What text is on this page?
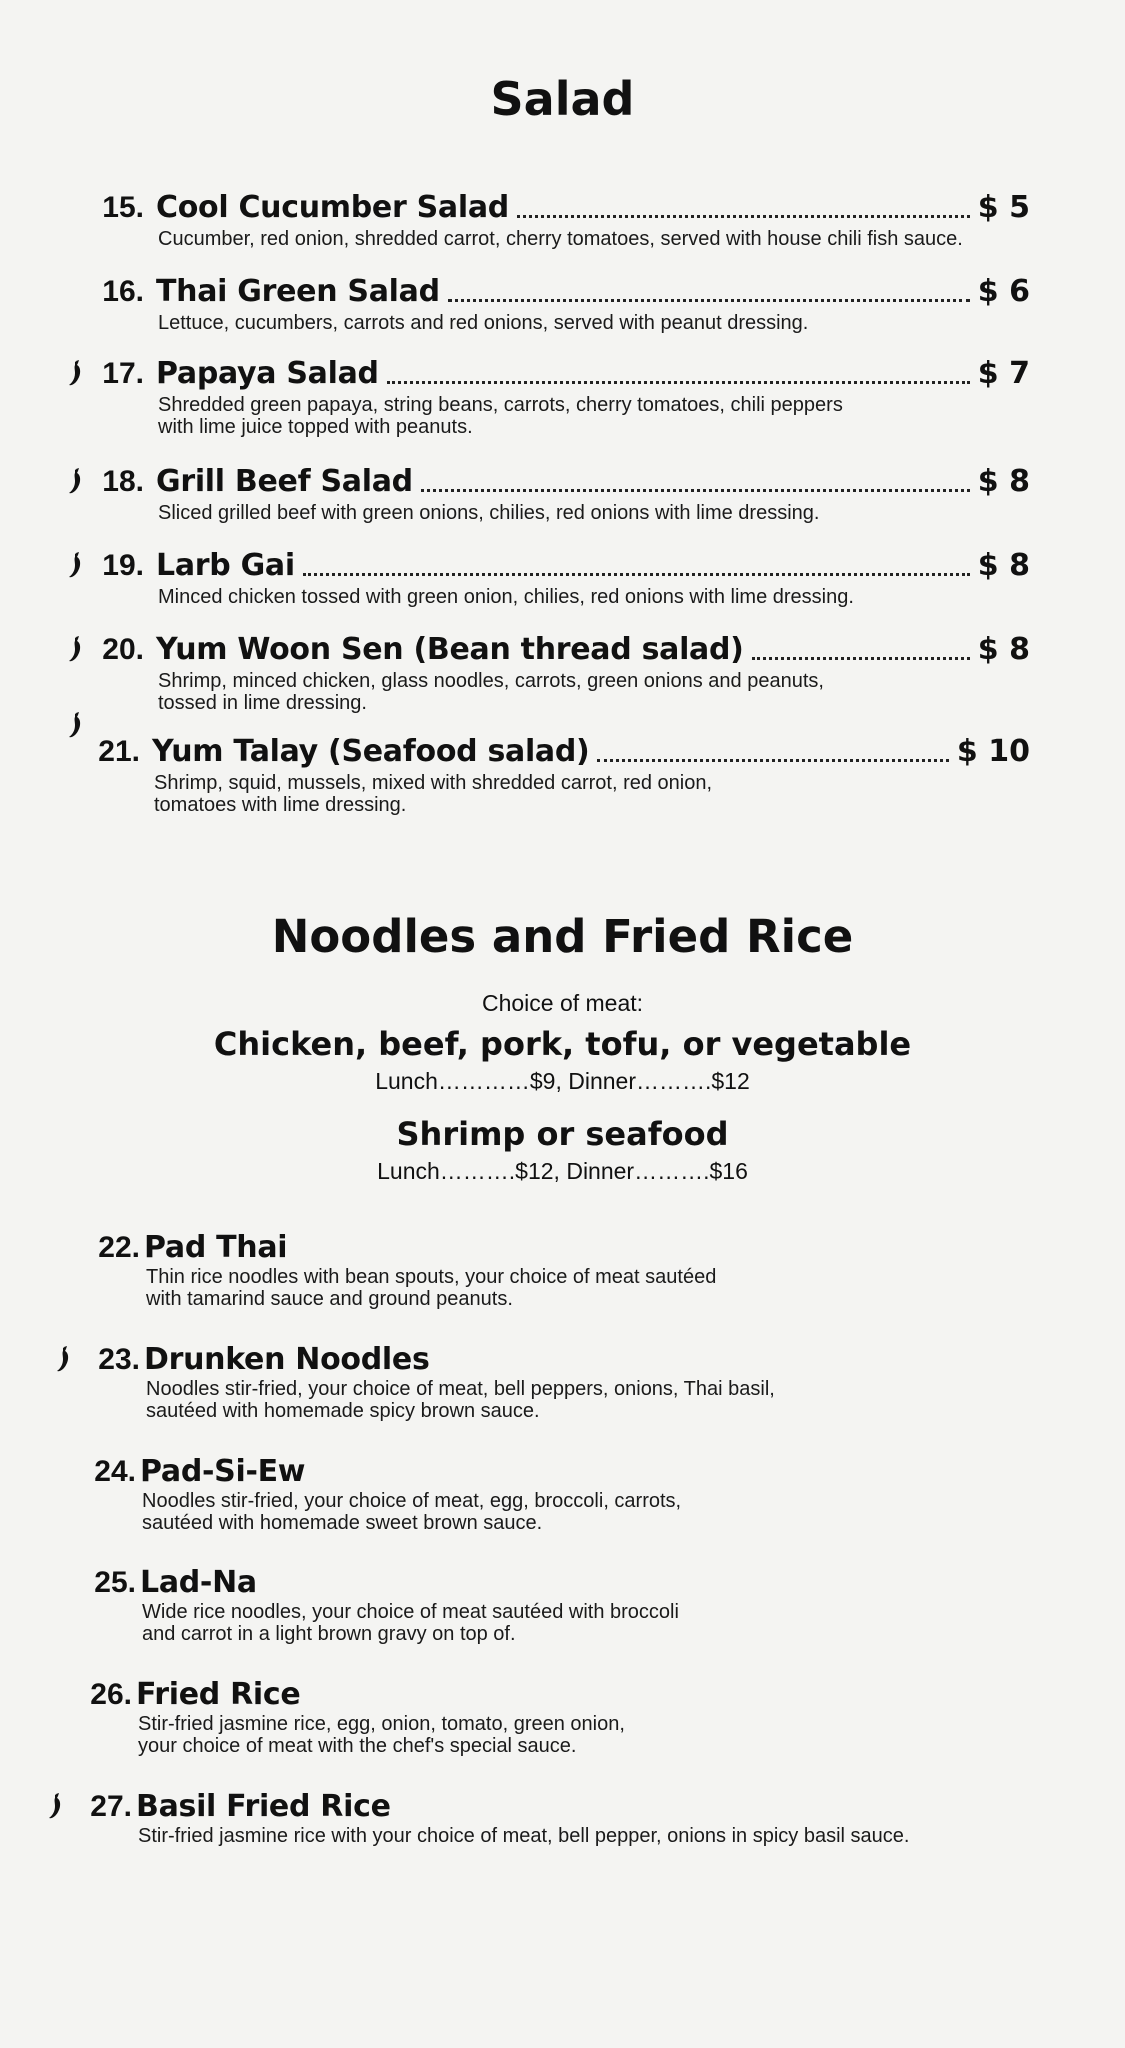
Salad
15. Cool Cucumber Salad	$ 5
Cucumber, red onion, shredded carrot, cherry tomatoes, served with house chili fish sauce.
16. Thai Green Salad	$ 6
Lettuce, cucumbers, carrots and red onions, served with peanut dressing.
17. Papaya Salad	$ 7
Shredded green papaya, string beans, carrots, cherry tomatoes, chili peppers
with lime juice topped with peanuts.
18. Grill Beef Salad	$ 8
Sliced grilled beef with green onions, chilies, red onions with lime dressing.
19. Larb Gai	$ 8
Minced chicken tossed with green onion, chilies, red onions with lime dressing.
20. Yum Woon Sen (Bean thread salad)	$ 8
Shrimp, minced chicken, glass noodles, carrots, green onions and peanuts,
tossed in lime dressing.
21. Yum Talay (Seafood salad)	$ 10
Shrimp, squid, mussels, mixed with shredded carrot, red onion,
tomatoes with lime dressing.
Noodles and Fried Rice

Choice of meat:

Chicken, beef, pork, tofu, or vegetable

Lunch…………$9, Dinner……….$12

Shrimp or seafood

Lunch……….$12, Dinner……….$16

22. Pad Thai
Thin rice noodles with bean spouts, your choice of meat sautéed
with tamarind sauce and ground peanuts.
23. Drunken Noodles
Noodles stir-fried, your choice of meat, bell peppers, onions, Thai basil,
sautéed with homemade spicy brown sauce.
24. Pad-Si-Ew
Noodles stir-fried, your choice of meat, egg, broccoli, carrots,
sautéed with homemade sweet brown sauce.
25. Lad-Na
Wide rice noodles, your choice of meat sautéed with broccoli
and carrot in a light brown gravy on top of.
26. Fried Rice
Stir-fried jasmine rice, egg, onion, tomato, green onion,
your choice of meat with the chef's special sauce.
27. Basil Fried Rice
Stir-fried jasmine rice with your choice of meat, bell pepper, onions in spicy basil sauce.
